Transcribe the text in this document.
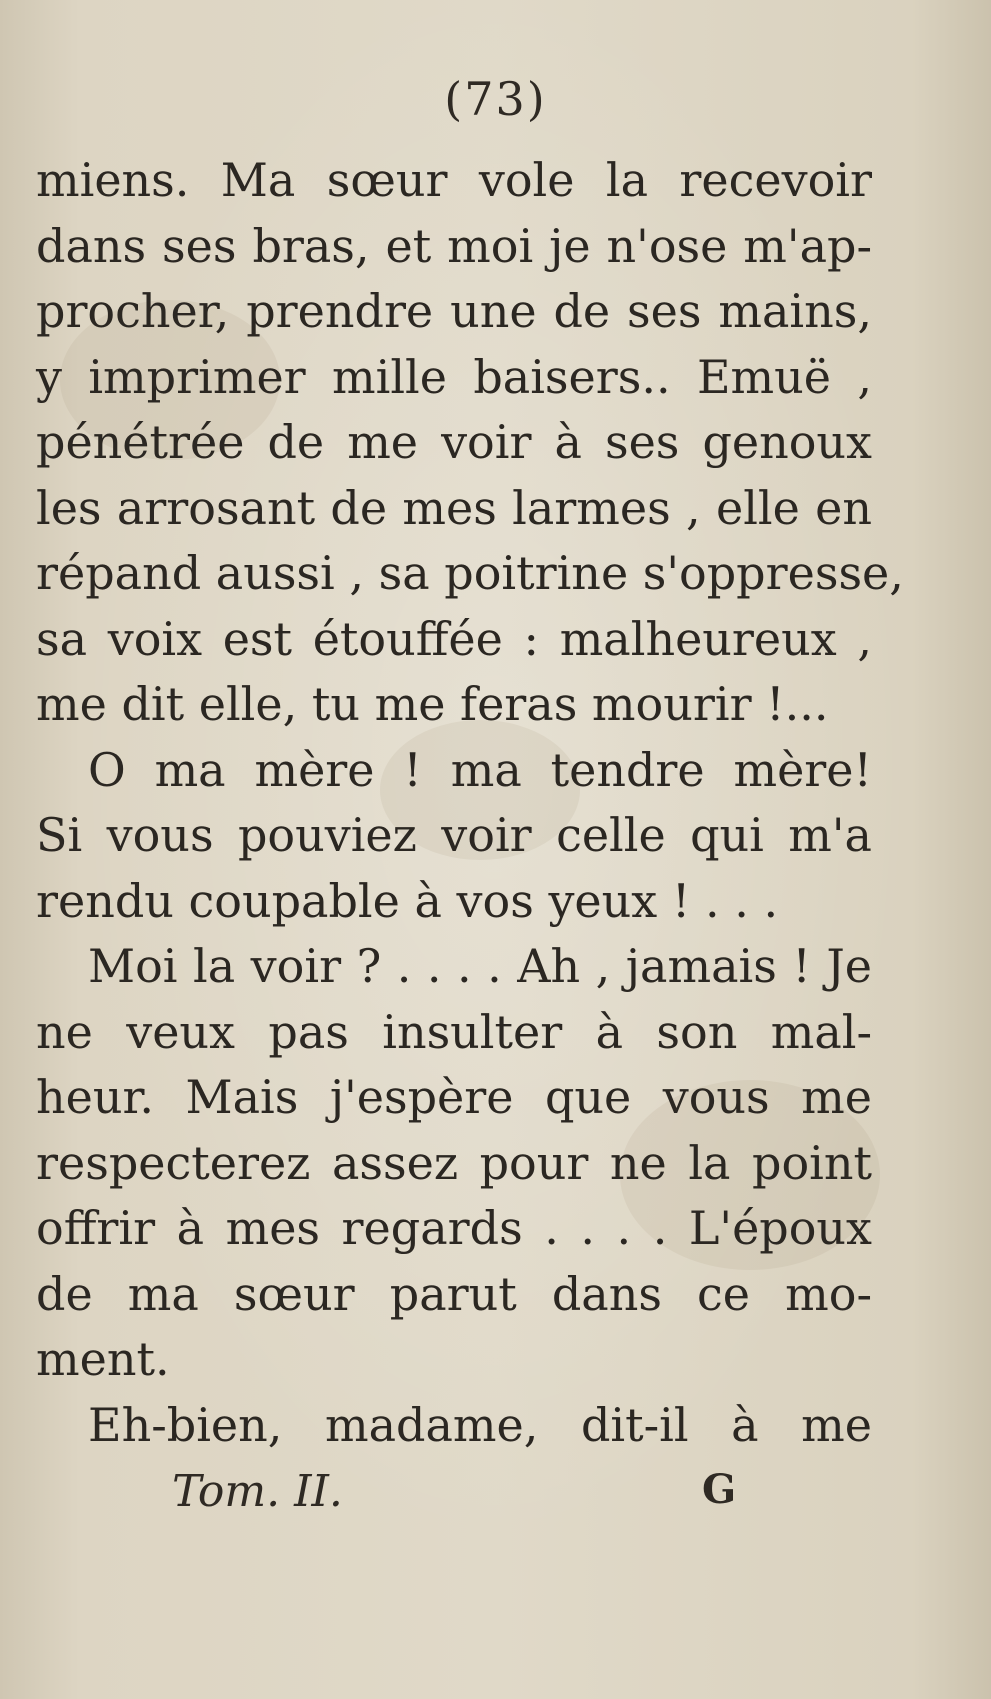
(73)
miens. Ma sœur vole la recevoir
dans ses bras, et moi je n'ose m'ap-
procher, prendre une de ses mains,
y imprimer mille baisers.. Emuë ,
pénétrée de me voir à ses genoux
les arrosant de mes larmes , elle en
répand aussi , sa poitrine s'oppresse,
sa voix est étouffée : malheureux ,
me dit elle, tu me feras mourir !...
O ma mère ! ma tendre mère!
Si vous pouviez voir celle qui m'a
rendu coupable à vos yeux ! . . .
Moi la voir ? . . . . Ah , jamais ! Je
ne veux pas insulter à son mal-
heur. Mais j'espère que vous me
respecterez assez pour ne la point
offrir à mes regards . . . . L'époux
de ma sœur parut dans ce mo-
ment.
Eh-bien, madame, dit-il à me
Tom. II.	G
